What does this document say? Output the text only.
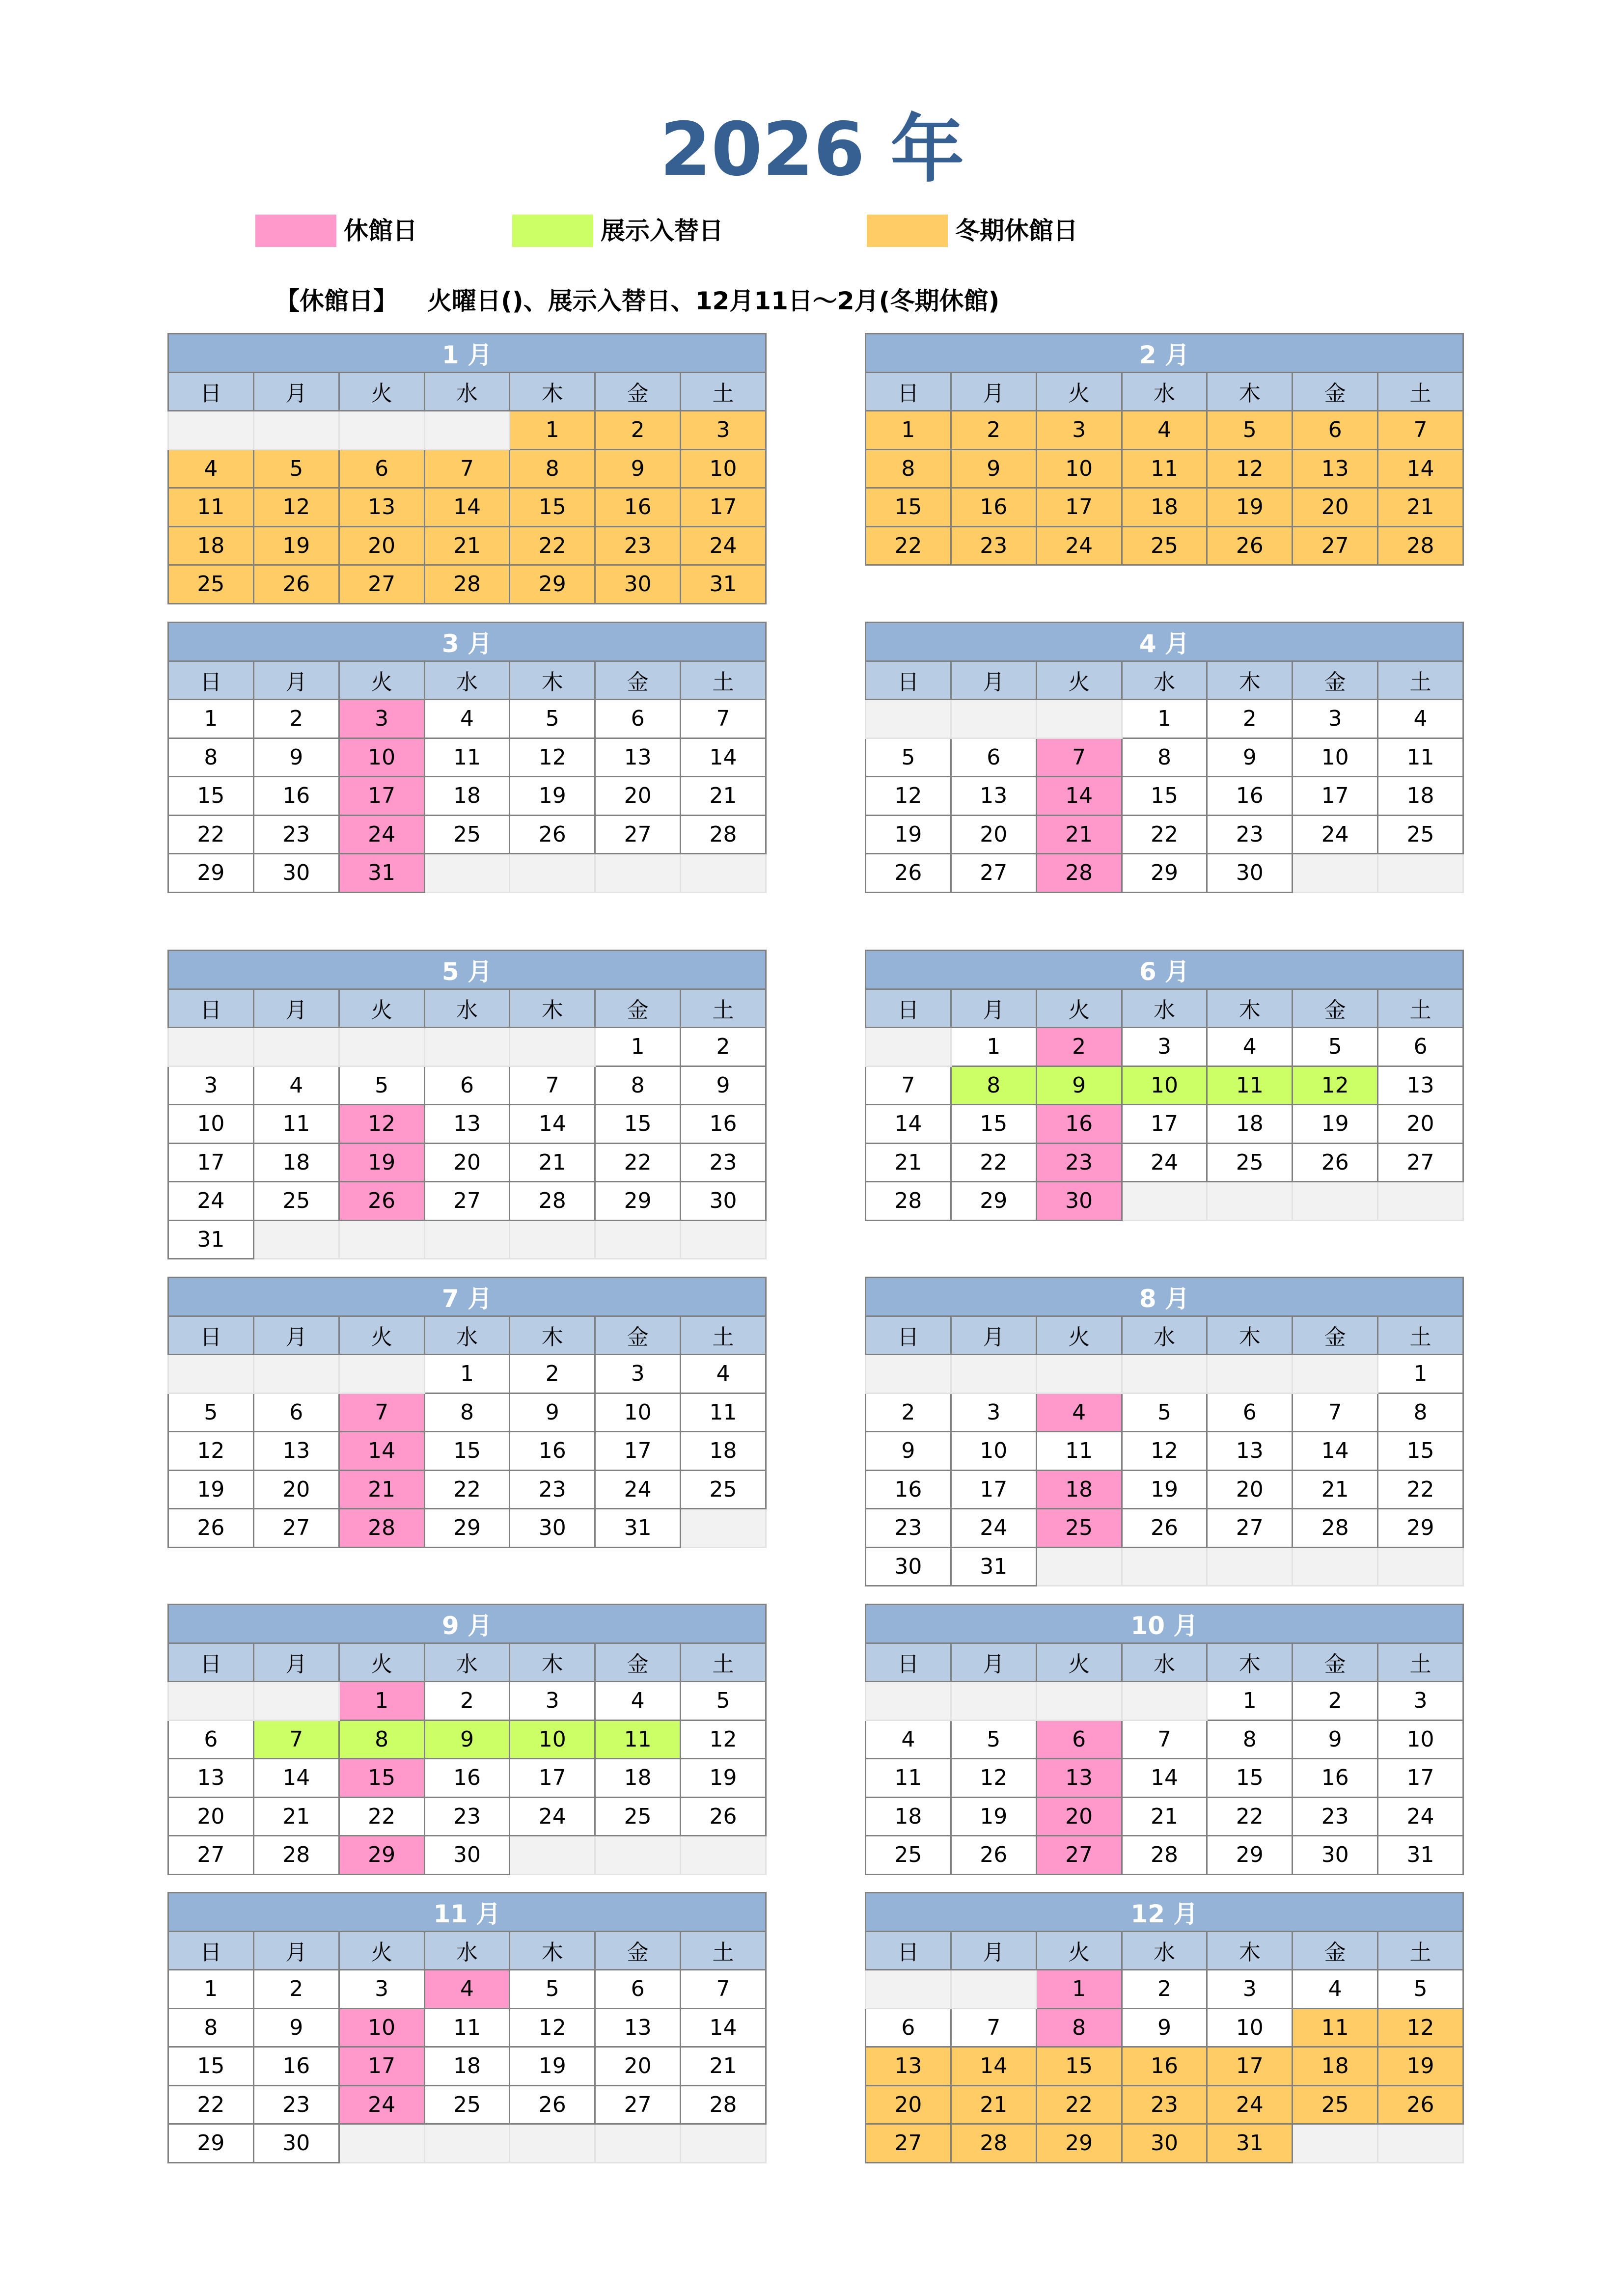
2026 年
休館日	展示入替日	冬期休館日
【休館日】 火曜日()、展示入替日、12月11日～2月(冬期休館)
1 月						
日	月	火	水	木	金	土
				1	2	3
4	5	6	7	8	9	10
11	12	13	14	15	16	17
18	19	20	21	22	23	24
25	26	27	28	29	30	31
2 月						
日	月	火	水	木	金	土
1	2	3	4	5	6	7
8	9	10	11	12	13	14
15	16	17	18	19	20	21
22	23	24	25	26	27	28
3 月						
日	月	火	水	木	金	土
1	2	3	4	5	6	7
8	9	10	11	12	13	14
15	16	17	18	19	20	21
22	23	24	25	26	27	28
29	30	31				
4 月						
日	月	火	水	木	金	土
			1	2	3	4
5	6	7	8	9	10	11
12	13	14	15	16	17	18
19	20	21	22	23	24	25
26	27	28	29	30		
5 月						
日	月	火	水	木	金	土
					1	2
3	4	5	6	7	8	9
10	11	12	13	14	15	16
17	18	19	20	21	22	23
24	25	26	27	28	29	30
31						
6 月						
日	月	火	水	木	金	土
	1	2	3	4	5	6
7	8	9	10	11	12	13
14	15	16	17	18	19	20
21	22	23	24	25	26	27
28	29	30				
7 月						
日	月	火	水	木	金	土
			1	2	3	4
5	6	7	8	9	10	11
12	13	14	15	16	17	18
19	20	21	22	23	24	25
26	27	28	29	30	31	
8 月						
日	月	火	水	木	金	土
						1
2	3	4	5	6	7	8
9	10	11	12	13	14	15
16	17	18	19	20	21	22
23	24	25	26	27	28	29
30	31					
9 月						
日	月	火	水	木	金	土
		1	2	3	4	5
6	7	8	9	10	11	12
13	14	15	16	17	18	19
20	21	22	23	24	25	26
27	28	29	30			
10 月						
日	月	火	水	木	金	土
				1	2	3
4	5	6	7	8	9	10
11	12	13	14	15	16	17
18	19	20	21	22	23	24
25	26	27	28	29	30	31
11 月						
日	月	火	水	木	金	土
1	2	3	4	5	6	7
8	9	10	11	12	13	14
15	16	17	18	19	20	21
22	23	24	25	26	27	28
29	30					
12 月						
日	月	火	水	木	金	土
		1	2	3	4	5
6	7	8	9	10	11	12
13	14	15	16	17	18	19
20	21	22	23	24	25	26
27	28	29	30	31		
